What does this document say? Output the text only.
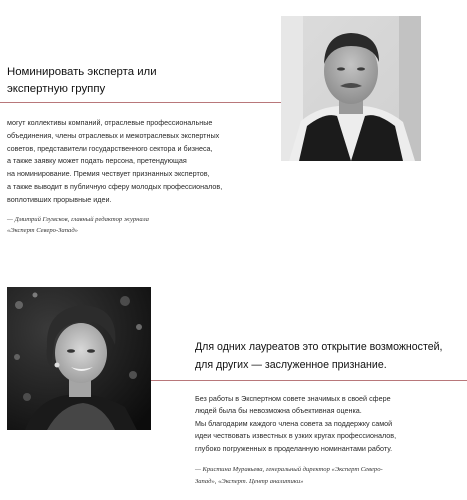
Номинировать эксперта или

экспертную группу

могут коллективы компаний, отраслевые профессиональные

объединения, члены отраслевых и межотраслевых экспертных

советов, представители государственного сектора и бизнеса,

а также заявку может подать персона, претендующая

на номинирование. Премия чествует признанных экспертов,

а также выводит в публичную сферу молодых профессионалов,

воплотивших прорывные идеи.

— Дмитрий Глумсков, главный редактор журнала

«Эксперт Северо-Запад»

Для одних лауреатов это открытие возможностей,

для других — заслуженное признание.

Без работы в Экспертном совете значимых в своей сфере

людей была бы невозможна объективная оценка.

Мы благодарим каждого члена совета за поддержку самой

идеи чествовать известных в узких кругах профессионалов,

глубоко погруженных в проделанную номинантами работу.

— Кристина Муравьева, генеральный директор «Эксперт Северо-

Запад», «Эксперт. Центр аналитики»
